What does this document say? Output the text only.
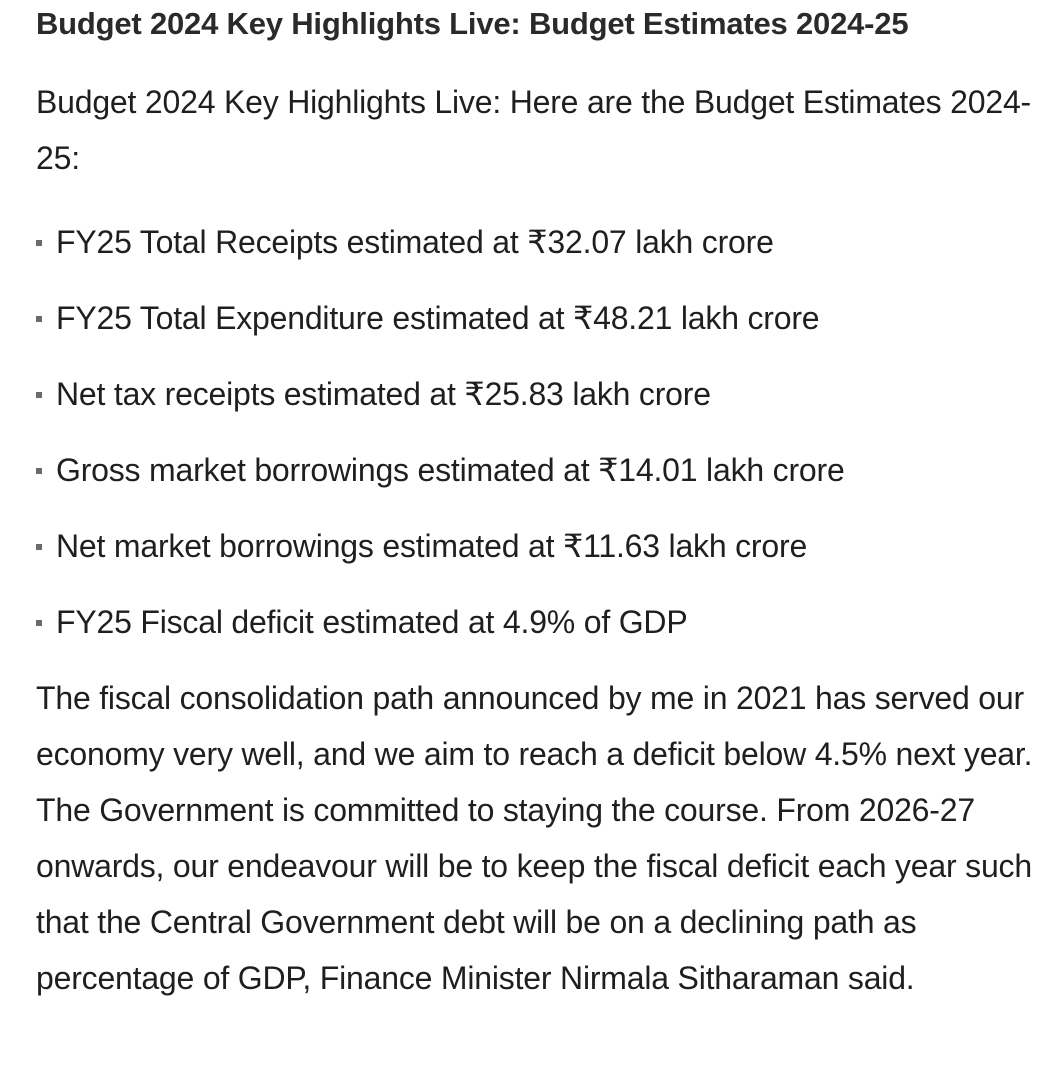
Budget 2024 Key Highlights Live: Budget Estimates 2024-25

Budget 2024 Key Highlights Live: Here are the Budget Estimates 2024-25:

FY25 Total Receipts estimated at ₹32.07 lakh crore
FY25 Total Expenditure estimated at ₹48.21 lakh crore
Net tax receipts estimated at ₹25.83 lakh crore
Gross market borrowings estimated at ₹14.01 lakh crore
Net market borrowings estimated at ₹11.63 lakh crore
FY25 Fiscal deficit estimated at 4.9% of GDP

The fiscal consolidation path announced by me in 2021 has served our economy very well, and we aim to reach a deficit below 4.5% next year. The Government is committed to staying the course. From 2026-27 onwards, our endeavour will be to keep the fiscal deficit each year such that the Central Government debt will be on a declining path as percentage of GDP, Finance Minister Nirmala Sitharaman said.
